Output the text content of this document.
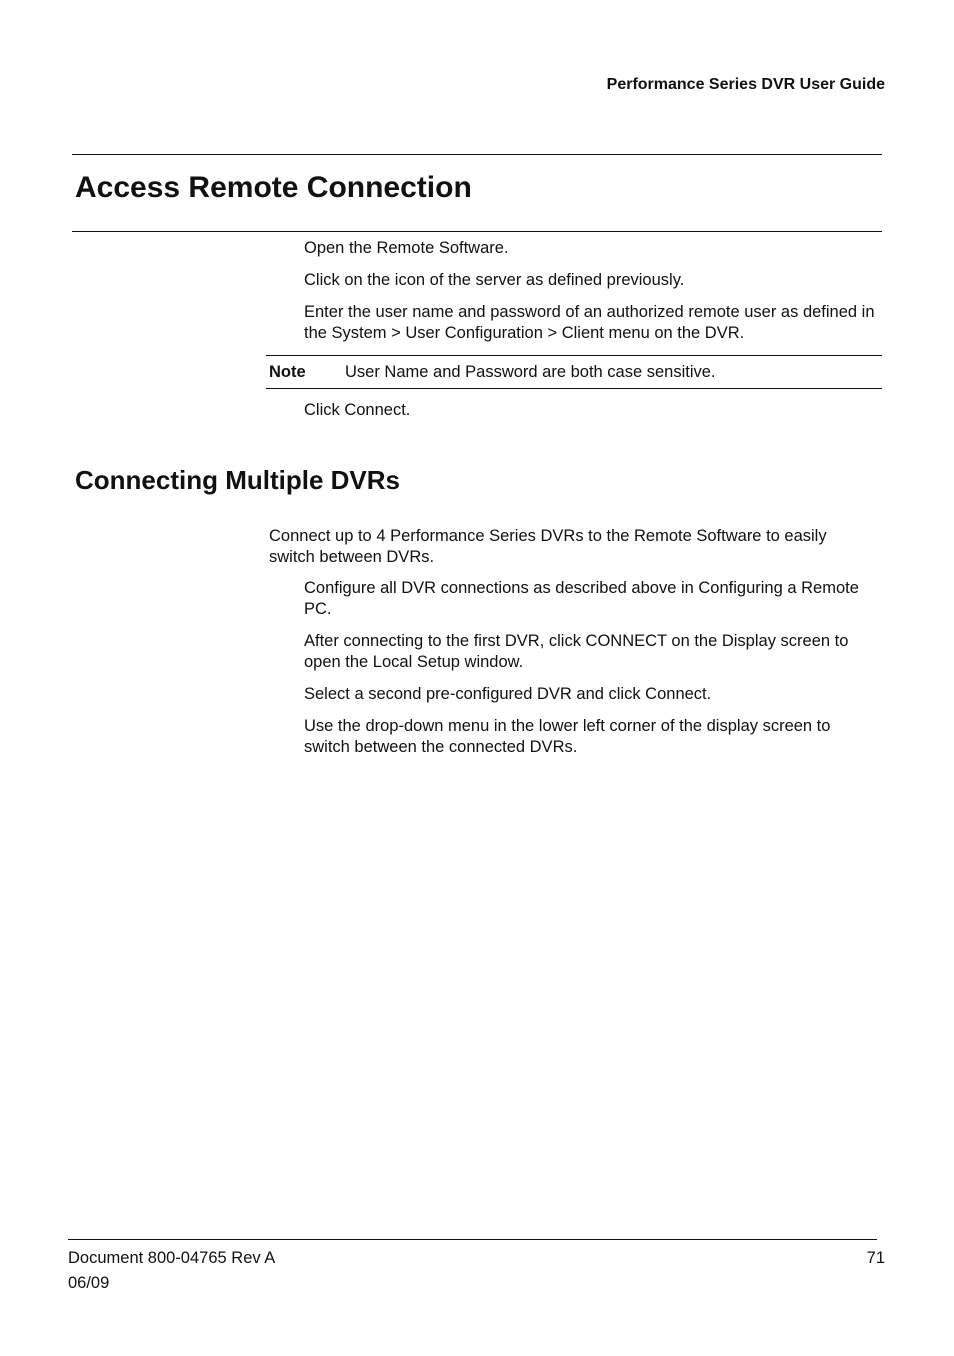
Performance Series DVR User Guide
Access Remote Connection

Open the Remote Software.

Click on the icon of the server as defined previously.

Enter the user name and password of an authorized remote user as defined in the System > User Configuration > Client menu on the DVR.

Note User Name and Password are both case sensitive.

Click Connect.

Connecting Multiple DVRs

Connect up to 4 Performance Series DVRs to the Remote Software to easily switch between DVRs.

Configure all DVR connections as described above in Configuring a Remote PC.

After connecting to the first DVR, click CONNECT on the Display screen to open the Local Setup window.

Select a second pre-configured DVR and click Connect.

Use the drop-down menu in the lower left corner of the display screen to switch between the connected DVRs.

Document 800-04765 Rev A
06/09
71
